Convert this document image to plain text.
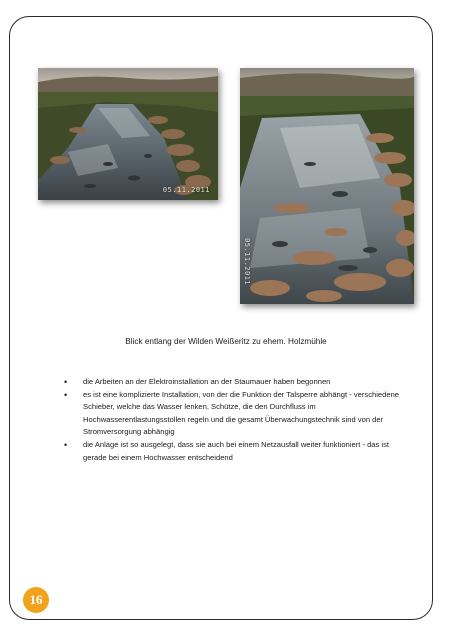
05.11.2011
05.11.2011

Blick entlang der Wilden Weißeritz zu ehem. Holzmühle

• die Arbeiten an der Elektroinstallation an der Staumauer haben begonnen
• es ist eine komplizierte Installation, von der die Funktion der Talsperre abhängt - verschiedene Schieber, welche das Wasser lenken, Schütze, die den Durchfluss im Hochwasserentlastungsstollen regeln und die gesamt Überwachungstechnik sind von der Stromversorgung abhängig
• die Anlage ist so ausgelegt, dass sie auch bei einem Netzausfall weiter funktioniert - das ist gerade bei einem Hochwasser entscheidend
16
